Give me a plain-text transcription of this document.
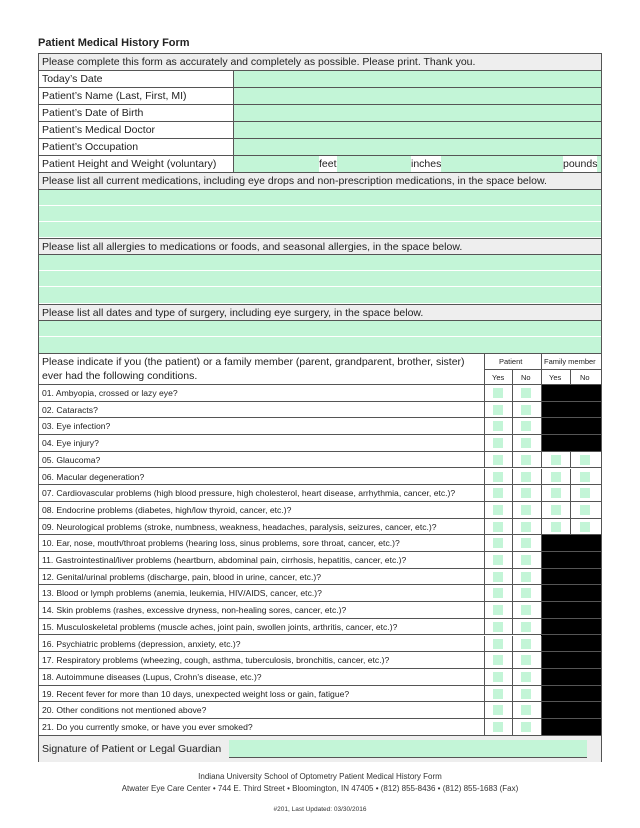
Patient Medical History Form
Please complete this form as accurately and completely as possible. Please print. Thank you.
Today’s Date
Patient’s Name (Last, First, MI)
Patient’s Date of Birth
Patient’s Medical Doctor
Patient’s Occupation
Patient Height and Weight (voluntary)	feet	inches	pounds
Please list all current medications, including eye drops and non-prescription medications, in the space below.
Please list all allergies to medications or foods, and seasonal allergies, in the space below.
Please list all dates and type of surgery, including eye surgery, in the space below.
Please indicate if you (the patient) or a family member (parent, grandparent, brother, sister)
ever had the following conditions.
Patient	Family member
Yes No Yes	No
01. Ambyopia, crossed or lazy eye?
02. Cataracts?
03. Eye infection?
04. Eye injury?
05. Glaucoma?
06. Macular degeneration?
07. Cardiovascular problems (high blood pressure, high cholesterol, heart disease, arrhythmia, cancer, etc.)?
08. Endocrine problems (diabetes, high/low thyroid, cancer, etc.)?
09. Neurological problems (stroke, numbness, weakness, headaches, paralysis, seizures, cancer, etc.)?
10. Ear, nose, mouth/throat problems (hearing loss, sinus problems, sore throat, cancer, etc.)?
11. Gastrointestinal/liver problems (heartburn, abdominal pain, cirrhosis, hepatitis, cancer, etc.)?
12. Genital/urinal problems (discharge, pain, blood in urine, cancer, etc.)?
13. Blood or lymph problems (anemia, leukemia, HIV/AIDS, cancer, etc.)?
14. Skin problems (rashes, excessive dryness, non-healing sores, cancer, etc.)?
15. Musculoskeletal problems (muscle aches, joint pain, swollen joints, arthritis, cancer, etc.)?
16. Psychiatric problems (depression, anxiety, etc.)?
17. Respiratory problems (wheezing, cough, asthma, tuberculosis, bronchitis, cancer, etc.)?
18. Autoimmune diseases (Lupus, Crohn’s disease, etc.)?
19. Recent fever for more than 10 days, unexpected weight loss or gain, fatigue?
20. Other conditions not mentioned above?
21. Do you currently smoke, or have you ever smoked?
Signature of Patient or Legal Guardian
Indiana University School of Optometry Patient Medical History Form
Atwater Eye Care Center • 744 E. Third Street • Bloomington, IN 47405 • (812) 855-8436 • (812) 855-1683 (Fax)
#201, Last Updated: 03/30/2016
